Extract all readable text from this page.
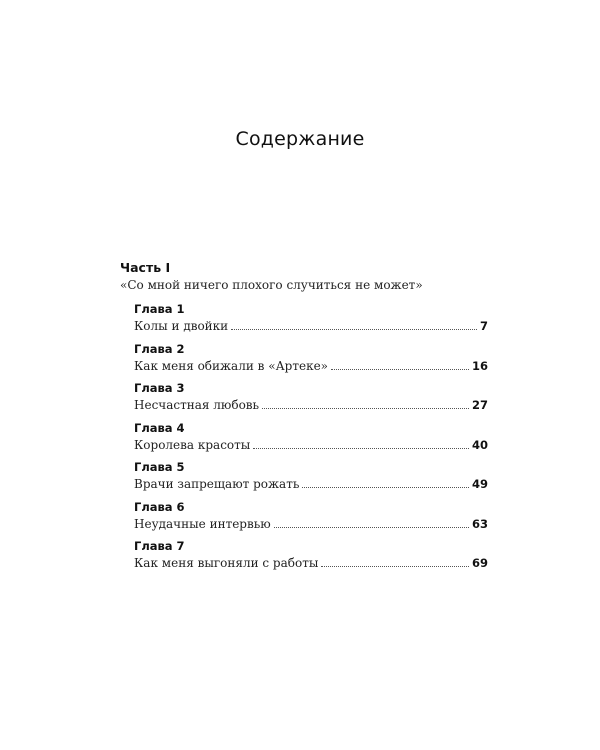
Содержание
Часть I
«Со мной ничего плохого случиться не может»
Глава 1
Колы и двойки	7
Глава 2
Как меня обижали в «Артеке»	16
Глава 3
Несчастная любовь	27
Глава 4
Королева красоты	40
Глава 5
Врачи запрещают рожать	49
Глава 6
Неудачные интервью	63
Глава 7
Как меня выгоняли с работы	69
